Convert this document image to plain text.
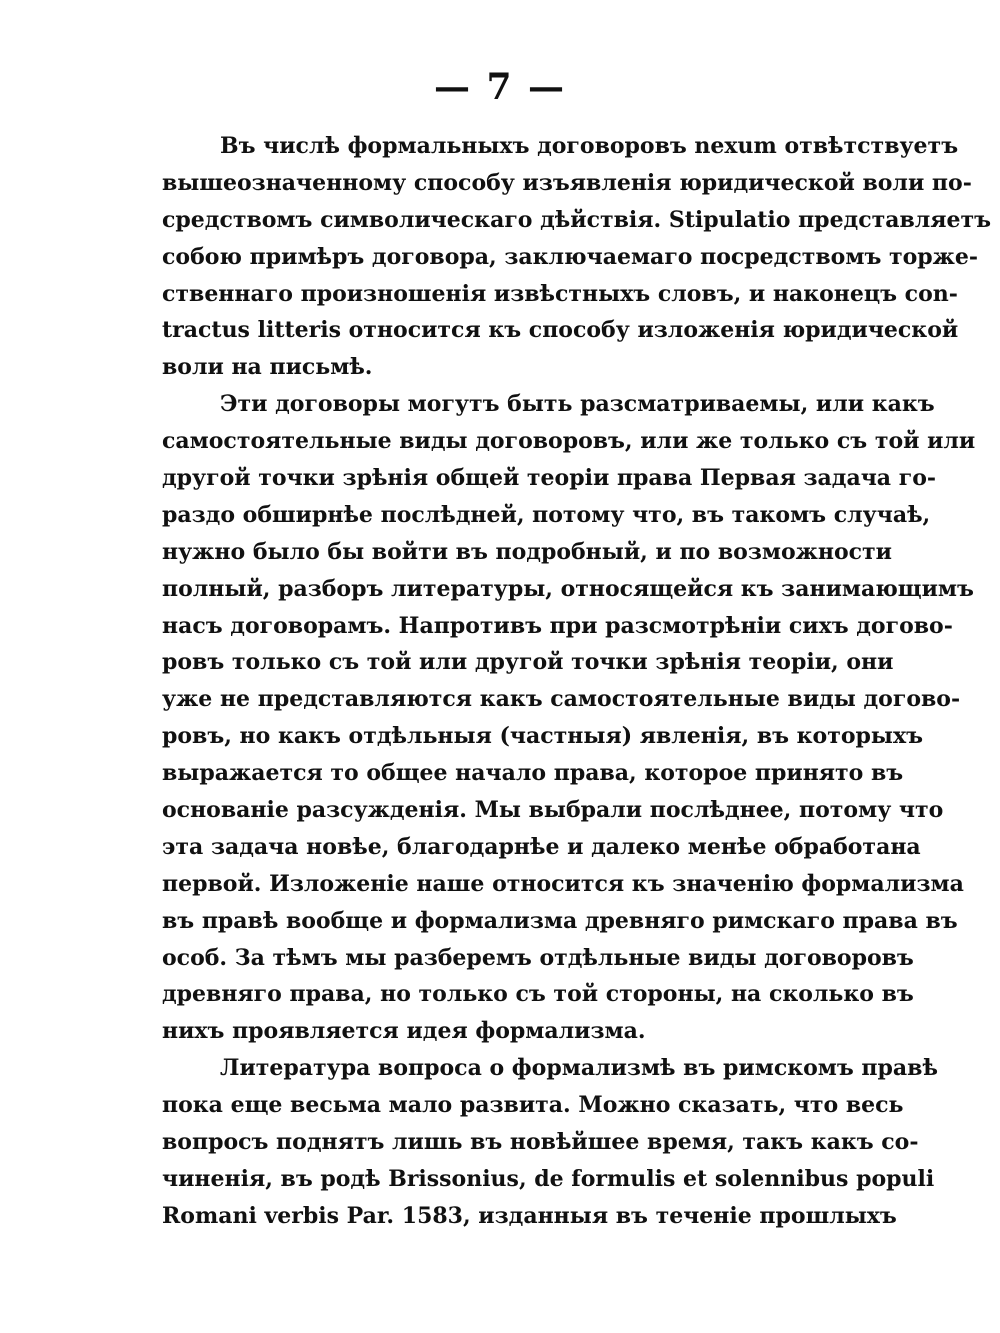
— 7 —
Въ числѣ формальныхъ договоровъ nexum отвѣтствуетъ
вышеозначенному способу изъявленія юридической воли по-
средствомъ символическаго дѣйствія. Stipulatio представляетъ
собою примѣръ договора, заключаемаго посредствомъ торже-
ственнаго произношенія извѣстныхъ словъ, и наконецъ con-
tractus litteris относится къ способу изложенія юридической
воли на письмѣ.
Эти договоры могутъ быть разсматриваемы, или какъ
самостоятельные виды договоровъ, или же только съ той или
другой точки зрѣнія общей теоріи права Первая задача го-
раздо обширнѣе послѣдней, потому что, въ такомъ случаѣ,
нужно было бы войти въ подробный, и по возможности
полный, разборъ литературы, относящейся къ занимающимъ
насъ договорамъ. Напротивъ при разсмотрѣніи сихъ догово-
ровъ только съ той или другой точки зрѣнія теоріи, они
уже не представляются какъ самостоятельные виды догово-
ровъ, но какъ отдѣльныя (частныя) явленія, въ которыхъ
выражается то общее начало права, которое принято въ
основаніе разсужденія. Мы выбрали послѣднее, потому что
эта задача новѣе, благодарнѣе и далеко менѣе обработана
первой. Изложеніе наше относится къ значенію формализма
въ правѣ вообще и формализма древняго римскаго права въ
особ. За тѣмъ мы разберемъ отдѣльные виды договоровъ
древняго права, но только съ той стороны, на сколько въ
нихъ проявляется идея формализма.
Литература вопроса о формализмѣ въ римскомъ правѣ
пока еще весьма мало развита. Можно сказать, что весь
вопросъ поднятъ лишь въ новѣйшее время, такъ какъ со-
чиненія, въ родѣ Brissonius, de formulis et solennibus populi
Romani verbis Par. 1583, изданныя въ теченіе прошлыхъ
